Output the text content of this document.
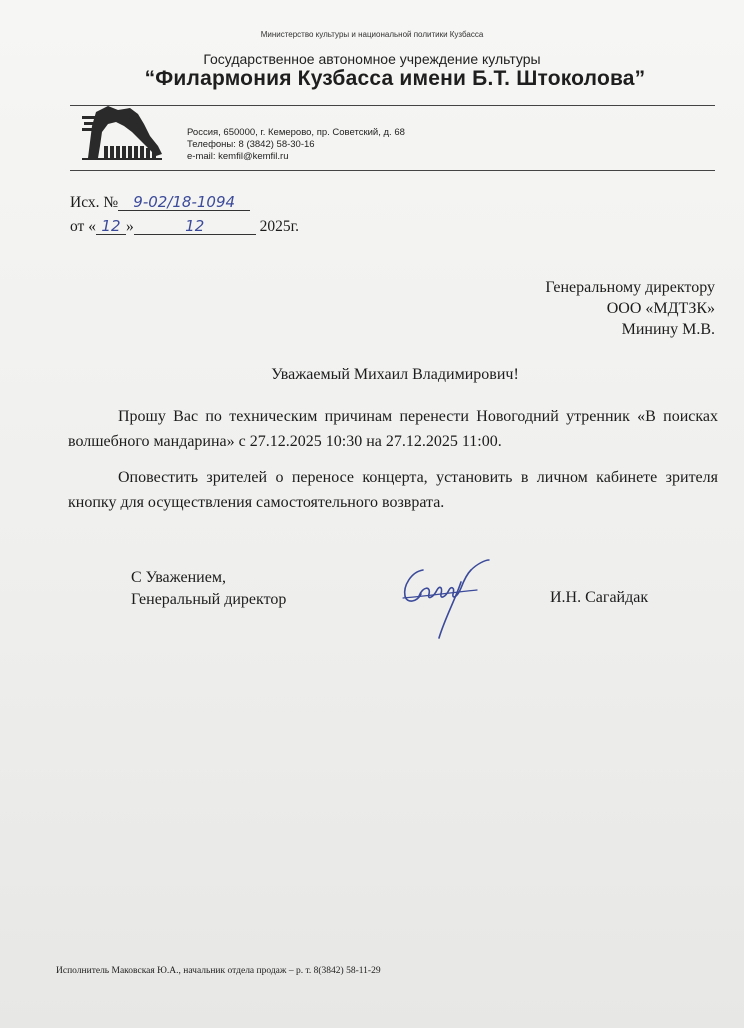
Министерство культуры и национальной политики Кузбасса
Государственное автономное учреждение культуры
“Филармония Кузбасса имени Б.Т. Штоколова”
Россия, 650000, г. Кемерово, пр. Советский, д. 68
Телефоны: 8 (3842) 58-30-16
e-mail: kemfil@kemfil.ru
Исх. № 9-02/18-1094
от « 12 »	12	2025г.
Генеральному директору
ООО «МДТЗК»
Минину М.В.
Уважаемый Михаил Владимирович!

Прошу Вас по техническим причинам перенести Новогодний утренник «В поисках волшебного мандарина» с 27.12.2025 10:30 на 27.12.2025 11:00.

Оповестить зрителей о переносе концерта, установить в личном кабинете зрителя кнопку для осуществления самостоятельного возврата.

С Уважением,
Генеральный директор	И.Н. Сагайдак
Исполнитель Маковская Ю.А., начальник отдела продаж – р. т. 8(3842) 58-11-29
